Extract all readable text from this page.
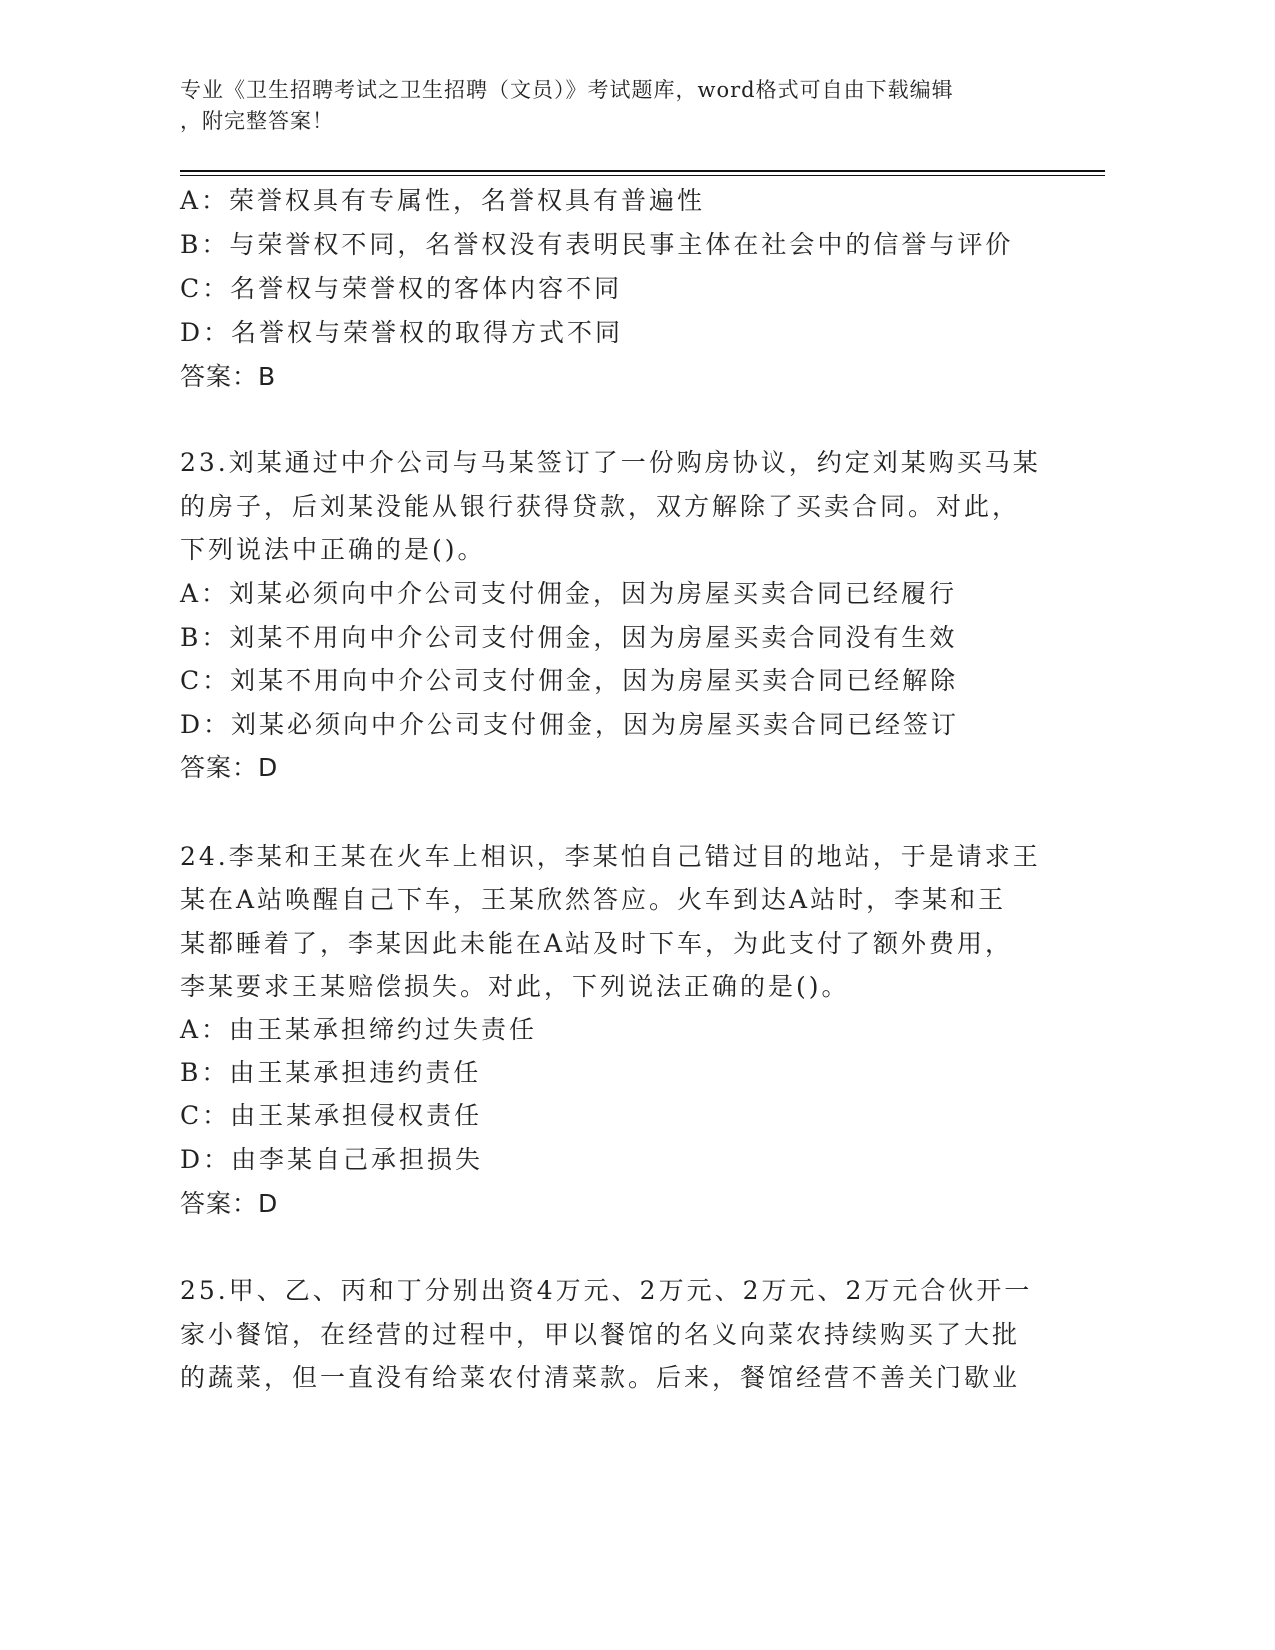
专业《卫生招聘考试之卫生招聘（文员）》考试题库，word格式可自由下载编辑
，附完整答案！
A：荣誉权具有专属性，名誉权具有普遍性
B：与荣誉权不同，名誉权没有表明民事主体在社会中的信誉与评价
C：名誉权与荣誉权的客体内容不同
D：名誉权与荣誉权的取得方式不同
答案：B
23.刘某通过中介公司与马某签订了一份购房协议，约定刘某购买马某
的房子，后刘某没能从银行获得贷款，双方解除了买卖合同。对此，
下列说法中正确的是()。
A：刘某必须向中介公司支付佣金，因为房屋买卖合同已经履行
B：刘某不用向中介公司支付佣金，因为房屋买卖合同没有生效
C：刘某不用向中介公司支付佣金，因为房屋买卖合同已经解除
D：刘某必须向中介公司支付佣金，因为房屋买卖合同已经签订
答案：D
24.李某和王某在火车上相识，李某怕自己错过目的地站，于是请求王
某在A站唤醒自己下车，王某欣然答应。火车到达A站时，李某和王
某都睡着了，李某因此未能在A站及时下车，为此支付了额外费用，
李某要求王某赔偿损失。对此，下列说法正确的是()。
A：由王某承担缔约过失责任
B：由王某承担违约责任
C：由王某承担侵权责任
D：由李某自己承担损失
答案：D
25.甲、乙、丙和丁分别出资4万元、2万元、2万元、2万元合伙开一
家小餐馆，在经营的过程中，甲以餐馆的名义向菜农持续购买了大批
的蔬菜，但一直没有给菜农付清菜款。后来，餐馆经营不善关门歇业
